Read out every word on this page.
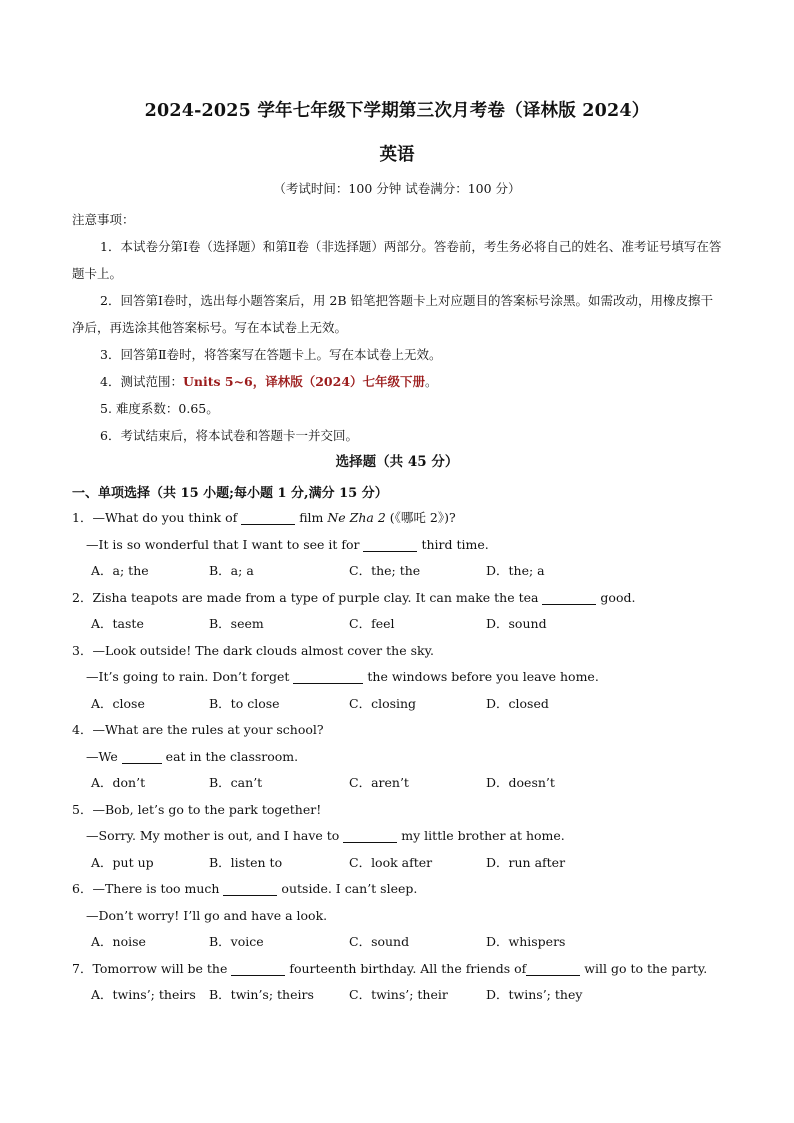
2024-2025 学年七年级下学期第三次月考卷（译林版 2024）
英语
（考试时间：100 分钟 试卷满分：100 分）
注意事项：
1．本试卷分第Ⅰ卷（选择题）和第Ⅱ卷（非选择题）两部分。答卷前，考生务必将自己的姓名、准考证号填写在答题卡上。
2．回答第Ⅰ卷时，选出每小题答案后，用 2B 铅笔把答题卡上对应题目的答案标号涂黑。如需改动，用橡皮擦干净后，再选涂其他答案标号。写在本试卷上无效。
3．回答第Ⅱ卷时，将答案写在答题卡上。写在本试卷上无效。
4．测试范围：Units 5~6，译林版（2024）七年级下册。
5. 难度系数：0.65。
6．考试结束后，将本试卷和答题卡一并交回。
选择题（共 45 分）
一、单项选择（共 15 小题;每小题 1 分,满分 15 分）
1．—What do you think of	film Ne Zha 2 (《哪吒 2》)?
—It is so wonderful that I want to see it for	third time.
A．a; the	B．a; a	C．the; the	D．the; a
2．Zisha teapots are made from a type of purple clay. It can make the tea	good.
A．taste	B．seem	C．feel	D．sound
3．—Look outside! The dark clouds almost cover the sky.
—It’s going to rain. Don’t forget	the windows before you leave home.
A．close	B．to close	C．closing	D．closed
4．—What are the rules at your school?
—We	eat in the classroom.
A．don’t	B．can’t	C．aren’t	D．doesn’t
5．—Bob, let’s go to the park together!
—Sorry. My mother is out, and I have to	my little brother at home.
A．put up	B．listen to	C．look after	D．run after
6．—There is too much	outside. I can’t sleep.
—Don’t worry! I’ll go and have a look.
A．noise	B．voice	C．sound	D．whispers
7．Tomorrow will be the	fourteenth birthday. All the friends of	will go to the party.
A．twins’; theirs B．twin’s; theirs	C．twins’; their	D．twins’; they
